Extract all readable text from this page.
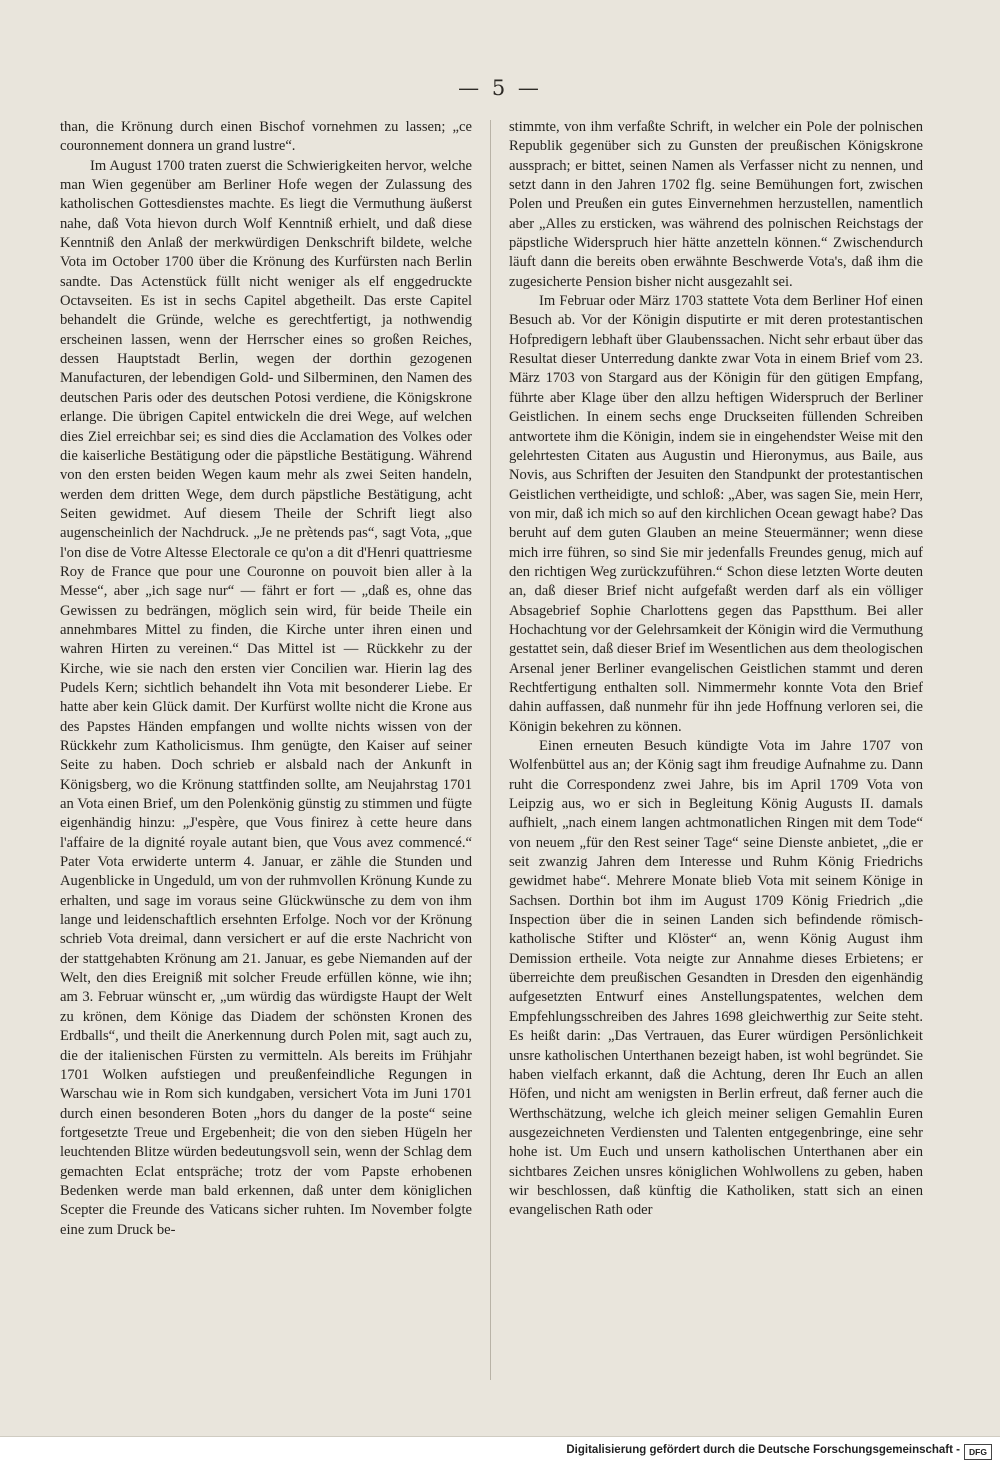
— 5 —

than, die Krönung durch einen Bischof vornehmen zu lassen; „ce couronnement donnera un grand lustre“.

Im August 1700 traten zuerst die Schwierigkeiten hervor, welche man Wien gegenüber am Berliner Hofe wegen der Zulassung des katholischen Gottesdienstes machte. Es liegt die Vermuthung äußerst nahe, daß Vota hievon durch Wolf Kenntniß erhielt, und daß diese Kenntniß den Anlaß der merkwürdigen Denkschrift bildete, welche Vota im October 1700 über die Krönung des Kurfürsten nach Berlin sandte. Das Actenstück füllt nicht weniger als elf enggedruckte Octavseiten. Es ist in sechs Capitel abgetheilt. Das erste Capitel behandelt die Gründe, welche es gerechtfertigt, ja nothwendig erscheinen lassen, wenn der Herrscher eines so großen Reiches, dessen Hauptstadt Berlin, wegen der dorthin gezogenen Manufacturen, der lebendigen Gold- und Silberminen, den Namen des deutschen Paris oder des deutschen Potosi verdiene, die Königskrone erlange. Die übrigen Capitel entwickeln die drei Wege, auf welchen dies Ziel erreichbar sei; es sind dies die Acclamation des Volkes oder die kaiserliche Bestätigung oder die päpstliche Bestätigung. Während von den ersten beiden Wegen kaum mehr als zwei Seiten handeln, werden dem dritten Wege, dem durch päpstliche Bestätigung, acht Seiten gewidmet. Auf diesem Theile der Schrift liegt also augenscheinlich der Nachdruck. „Je ne prètends pas“, sagt Vota, „que l'on dise de Votre Altesse Electorale ce qu'on a dit d'Henri quattriesme Roy de France que pour une Couronne on pouvoit bien aller à la Messe“, aber „ich sage nur“ — fährt er fort — „daß es, ohne das Gewissen zu bedrängen, möglich sein wird, für beide Theile ein annehmbares Mittel zu finden, die Kirche unter ihren einen und wahren Hirten zu vereinen.“ Das Mittel ist — Rückkehr zu der Kirche, wie sie nach den ersten vier Concilien war. Hierin lag des Pudels Kern; sichtlich behandelt ihn Vota mit besonderer Liebe. Er hatte aber kein Glück damit. Der Kurfürst wollte nicht die Krone aus des Papstes Händen empfangen und wollte nichts wissen von der Rückkehr zum Katholicismus. Ihm genügte, den Kaiser auf seiner Seite zu haben. Doch schrieb er alsbald nach der Ankunft in Königsberg, wo die Krönung stattfinden sollte, am Neujahrstag 1701 an Vota einen Brief, um den Polenkönig günstig zu stimmen und fügte eigenhändig hinzu: „J'espère, que Vous finirez à cette heure dans l'affaire de la dignité royale autant bien, que Vous avez commencé.“ Pater Vota erwiderte unterm 4. Januar, er zähle die Stunden und Augenblicke in Ungeduld, um von der ruhmvollen Krönung Kunde zu erhalten, und sage im voraus seine Glückwünsche zu dem von ihm lange und leidenschaftlich ersehnten Erfolge. Noch vor der Krönung schrieb Vota dreimal, dann versichert er auf die erste Nachricht von der stattgehabten Krönung am 21. Januar, es gebe Niemanden auf der Welt, den dies Ereigniß mit solcher Freude erfüllen könne, wie ihn; am 3. Februar wünscht er, „um würdig das würdigste Haupt der Welt zu krönen, dem Könige das Diadem der schönsten Kronen des Erdballs“, und theilt die Anerkennung durch Polen mit, sagt auch zu, die der italienischen Fürsten zu vermitteln. Als bereits im Frühjahr 1701 Wolken aufstiegen und preußenfeindliche Regungen in Warschau wie in Rom sich kundgaben, versichert Vota im Juni 1701 durch einen besonderen Boten „hors du danger de la poste“ seine fortgesetzte Treue und Ergebenheit; die von den sieben Hügeln her leuchtenden Blitze würden bedeutungsvoll sein, wenn der Schlag dem gemachten Eclat entspräche; trotz der vom Papste erhobenen Bedenken werde man bald erkennen, daß unter dem königlichen Scepter die Freunde des Vaticans sicher ruhten. Im November folgte eine zum Druck be-

stimmte, von ihm verfaßte Schrift, in welcher ein Pole der polnischen Republik gegenüber sich zu Gunsten der preußischen Königskrone aussprach; er bittet, seinen Namen als Verfasser nicht zu nennen, und setzt dann in den Jahren 1702 flg. seine Bemühungen fort, zwischen Polen und Preußen ein gutes Einvernehmen herzustellen, namentlich aber „Alles zu ersticken, was während des polnischen Reichstags der päpstliche Widerspruch hier hätte anzetteln können.“ Zwischendurch läuft dann die bereits oben erwähnte Beschwerde Vota's, daß ihm die zugesicherte Pension bisher nicht ausgezahlt sei.

Im Februar oder März 1703 stattete Vota dem Berliner Hof einen Besuch ab. Vor der Königin disputirte er mit deren protestantischen Hofpredigern lebhaft über Glaubenssachen. Nicht sehr erbaut über das Resultat dieser Unterredung dankte zwar Vota in einem Brief vom 23. März 1703 von Stargard aus der Königin für den gütigen Empfang, führte aber Klage über den allzu heftigen Widerspruch der Berliner Geistlichen. In einem sechs enge Druckseiten füllenden Schreiben antwortete ihm die Königin, indem sie in eingehendster Weise mit den gelehrtesten Citaten aus Augustin und Hieronymus, aus Baile, aus Novis, aus Schriften der Jesuiten den Standpunkt der protestantischen Geistlichen vertheidigte, und schloß: „Aber, was sagen Sie, mein Herr, von mir, daß ich mich so auf den kirchlichen Ocean gewagt habe? Das beruht auf dem guten Glauben an meine Steuermänner; wenn diese mich irre führen, so sind Sie mir jedenfalls Freundes genug, mich auf den richtigen Weg zurückzuführen.“ Schon diese letzten Worte deuten an, daß dieser Brief nicht aufgefaßt werden darf als ein völliger Absagebrief Sophie Charlottens gegen das Papstthum. Bei aller Hochachtung vor der Gelehrsamkeit der Königin wird die Vermuthung gestattet sein, daß dieser Brief im Wesentlichen aus dem theologischen Arsenal jener Berliner evangelischen Geistlichen stammt und deren Rechtfertigung enthalten soll. Nimmermehr konnte Vota den Brief dahin auffassen, daß nunmehr für ihn jede Hoffnung verloren sei, die Königin bekehren zu können.

Einen erneuten Besuch kündigte Vota im Jahre 1707 von Wolfenbüttel aus an; der König sagt ihm freudige Aufnahme zu. Dann ruht die Correspondenz zwei Jahre, bis im April 1709 Vota von Leipzig aus, wo er sich in Begleitung König Augusts II. damals aufhielt, „nach einem langen achtmonatlichen Ringen mit dem Tode“ von neuem „für den Rest seiner Tage“ seine Dienste anbietet, „die er seit zwanzig Jahren dem Interesse und Ruhm König Friedrichs gewidmet habe“. Mehrere Monate blieb Vota mit seinem Könige in Sachsen. Dorthin bot ihm im August 1709 König Friedrich „die Inspection über die in seinen Landen sich befindende römisch-katholische Stifter und Klöster“ an, wenn König August ihm Demission ertheile. Vota neigte zur Annahme dieses Erbietens; er überreichte dem preußischen Gesandten in Dresden den eigenhändig aufgesetzten Entwurf eines Anstellungspatentes, welchen dem Empfehlungsschreiben des Jahres 1698 gleichwerthig zur Seite steht. Es heißt darin: „Das Vertrauen, das Eurer würdigen Persönlichkeit unsre katholischen Unterthanen bezeigt haben, ist wohl begründet. Sie haben vielfach erkannt, daß die Achtung, deren Ihr Euch an allen Höfen, und nicht am wenigsten in Berlin erfreut, daß ferner auch die Werthschätzung, welche ich gleich meiner seligen Gemahlin Euren ausgezeichneten Verdiensten und Talenten entgegenbringe, eine sehr hohe ist. Um Euch und unsern katholischen Unterthanen aber ein sichtbares Zeichen unsres königlichen Wohlwollens zu geben, haben wir beschlossen, daß künftig die Katholiken, statt sich an einen evangelischen Rath oder

Digitalisierung gefördert durch die Deutsche Forschungsgemeinschaft -	DFG
